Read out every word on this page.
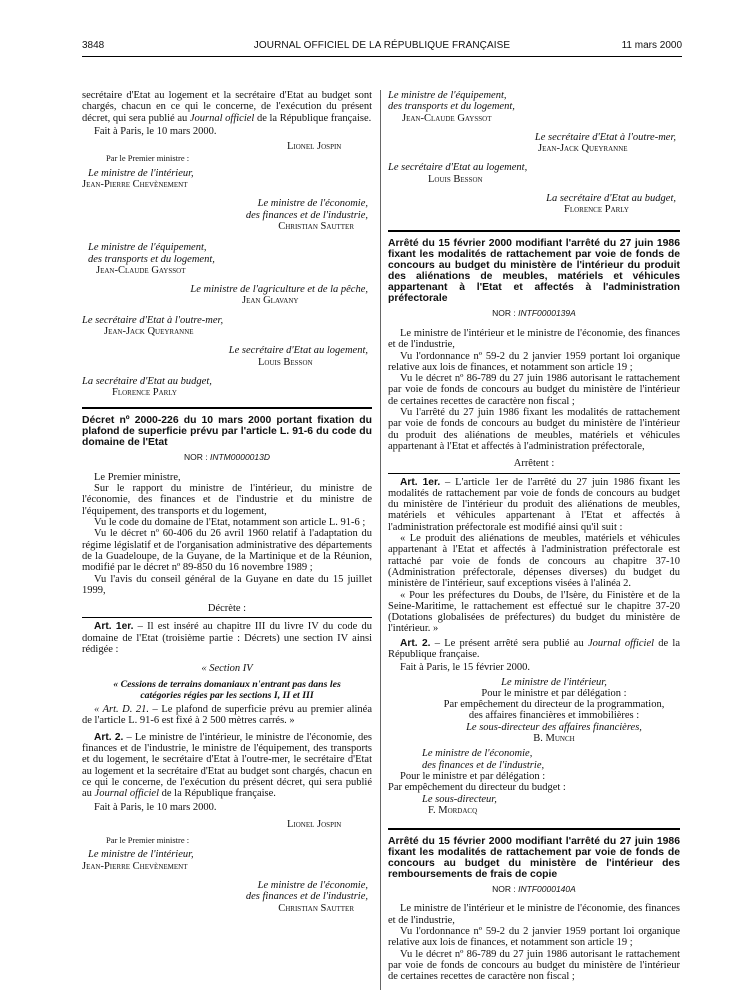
3848	JOURNAL OFFICIEL DE LA RÉPUBLIQUE FRANÇAISE	11 mars 2000

secrétaire d'Etat au logement et la secrétaire d'Etat au budget sont chargés, chacun en ce qui le concerne, de l'exécution du présent décret, qui sera publié au Journal officiel de la République française.

Fait à Paris, le 10 mars 2000.

Lionel Jospin

Par le Premier ministre :

Le ministre de l'intérieur,

Jean-Pierre Chevènement

Le ministre de l'économie,

des finances et de l'industrie,

Christian Sautter

Le ministre de l'équipement,

des transports et du logement,

Jean-Claude Gayssot

Le ministre de l'agriculture et de la pêche,

Jean Glavany

Le secrétaire d'Etat à l'outre-mer,

Jean-Jack Queyranne

Le secrétaire d'Etat au logement,

Louis Besson

La secrétaire d'Etat au budget,

Florence Parly

Décret nº 2000-226 du 10 mars 2000 portant fixation du plafond de superficie prévu par l'article L. 91-6 du code du domaine de l'Etat

NOR : INTM0000013D

Le Premier ministre,

Sur le rapport du ministre de l'intérieur, du ministre de l'économie, des finances et de l'industrie et du ministre de l'équipement, des transports et du logement,

Vu le code du domaine de l'Etat, notamment son article L. 91-6 ;

Vu le décret nº 60-406 du 26 avril 1960 relatif à l'adaptation du régime législatif et de l'organisation administrative des départements de la Guadeloupe, de la Guyane, de la Martinique et de la Réunion, modifié par le décret nº 89-850 du 16 novembre 1989 ;

Vu l'avis du conseil général de la Guyane en date du 15 juillet 1999,

Décrète :

Art. 1er. – Il est inséré au chapitre III du livre IV du code du domaine de l'Etat (troisième partie : Décrets) une section IV ainsi rédigée :

« Section IV

« Cessions de terrains domaniaux n'entrant pas dans les catégories régies par les sections I, II et III

« Art. D. 21. – Le plafond de superficie prévu au premier alinéa de l'article L. 91-6 est fixé à 2 500 mètres carrés. »

Art. 2. – Le ministre de l'intérieur, le ministre de l'économie, des finances et de l'industrie, le ministre de l'équipement, des transports et du logement, le secrétaire d'Etat à l'outre-mer, le secrétaire d'Etat au logement et la secrétaire d'Etat au budget sont chargés, chacun en ce qui le concerne, de l'exécution du présent décret, qui sera publié au Journal officiel de la République française.

Fait à Paris, le 10 mars 2000.

Lionel Jospin

Par le Premier ministre :

Le ministre de l'intérieur,

Jean-Pierre Chevènement

Le ministre de l'économie,

des finances et de l'industrie,

Christian Sautter

Le ministre de l'équipement,

des transports et du logement,

Jean-Claude Gayssot

Le secrétaire d'Etat à l'outre-mer,

Jean-Jack Queyranne

Le secrétaire d'Etat au logement,

Louis Besson

La secrétaire d'Etat au budget,

Florence Parly

Arrêté du 15 février 2000 modifiant l'arrêté du 27 juin 1986 fixant les modalités de rattachement par voie de fonds de concours au budget du ministère de l'intérieur du produit des aliénations de meubles, matériels et véhicules appartenant à l'Etat et affectés à l'administration préfectorale

NOR : INTF0000139A

Le ministre de l'intérieur et le ministre de l'économie, des finances et de l'industrie,

Vu l'ordonnance nº 59-2 du 2 janvier 1959 portant loi organique relative aux lois de finances, et notamment son article 19 ;

Vu le décret nº 86-789 du 27 juin 1986 autorisant le rattachement par voie de fonds de concours au budget du ministère de l'intérieur de certaines recettes de caractère non fiscal ;

Vu l'arrêté du 27 juin 1986 fixant les modalités de rattachement par voie de fonds de concours au budget du ministère de l'intérieur du produit des aliénations de meubles, matériels et véhicules appartenant à l'Etat et affectés à l'administration préfectorale,

Arrêtent :

Art. 1er. – L'article 1er de l'arrêté du 27 juin 1986 fixant les modalités de rattachement par voie de fonds de concours au budget du ministère de l'intérieur du produit des aliénations de meubles, matériels et véhicules appartenant à l'Etat et affectés à l'administration préfectorale est modifié ainsi qu'il suit :

« Le produit des aliénations de meubles, matériels et véhicules appartenant à l'Etat et affectés à l'administration préfectorale est rattaché par voie de fonds de concours au chapitre 37-10 (Administration préfectorale, dépenses diverses) du budget du ministère de l'intérieur, sauf exceptions visées à l'alinéa 2.

« Pour les préfectures du Doubs, de l'Isère, du Finistère et de la Seine-Maritime, le rattachement est effectué sur le chapitre 37-20 (Dotations globalisées de préfectures) du budget du ministère de l'intérieur. »

Art. 2. – Le présent arrêté sera publié au Journal officiel de la République française.

Fait à Paris, le 15 février 2000.

Le ministre de l'intérieur,

Pour le ministre et par délégation :

Par empêchement du directeur de la programmation,

des affaires financières et immobilières :

Le sous-directeur des affaires financières,

B. Munch

Le ministre de l'économie,

des finances et de l'industrie,

Pour le ministre et par délégation :

Par empêchement du directeur du budget :

Le sous-directeur,

F. Mordacq

Arrêté du 15 février 2000 modifiant l'arrêté du 27 juin 1986 fixant les modalités de rattachement par voie de fonds de concours au budget du ministère de l'intérieur des remboursements de frais de copie

NOR : INTF0000140A

Le ministre de l'intérieur et le ministre de l'économie, des finances et de l'industrie,

Vu l'ordonnance nº 59-2 du 2 janvier 1959 portant loi organique relative aux lois de finances, et notamment son article 19 ;

Vu le décret nº 86-789 du 27 juin 1986 autorisant le rattachement par voie de fonds de concours au budget du ministère de l'intérieur de certaines recettes de caractère non fiscal ;
